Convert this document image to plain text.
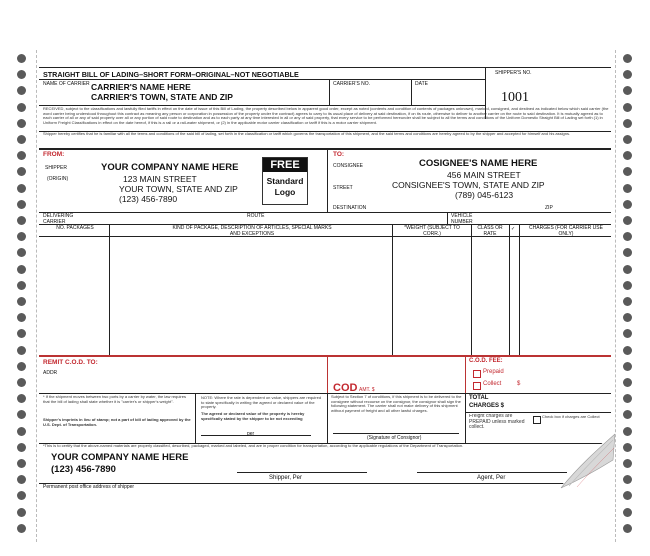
STRAIGHT BILL OF LADING–SHORT FORM–ORIGINAL–NOT NEGOTIABLE	SHIPPER'S NO.
1001
NAME OF CARRIER CARRIER'S NAME HERE
CARRIER'S TOWN, STATE AND ZIP
CARRIER'S NO.	DATE
RECEIVED, subject to the classifications and lawfully filed tariffs in effect on the date of issue of this Bill of Lading, the property described below in apparent good order, except as noted (contents and condition of contents of packages unknown), marked, consigned, and destined as indicated below which said carrier (the word carrier being understood throughout this contract as meaning any person or corporation in possession of the property under the contract) agrees to carry to its usual place of delivery at said destination, if on its route, otherwise to deliver to another carrier on the route to said destination. It is mutually agreed as to each carrier of all or any of said property over all or any portion of said route to destination and as to each party at any time interested in all or any of said property, that every service to be performed hereunder shall be subject to all the terms and conditions of the Uniform Domestic Straight Bill of Lading set forth (1) in Uniform Freight Classifications in effect on the date hereof, if this is a rail or a rail-water shipment, or (2) in the applicable motor carrier classification or tariff if this is a motor carrier shipment.
Shipper hereby certifies that he is familiar with all the terms and conditions of the said bill of lading, set forth in the classification or tariff which governs the transportation of this shipment, and the said terms and conditions are hereby agreed to by the shipper and accepted for himself and his assigns.
FROM:
SHIPPER
(ORIGIN)
YOUR COMPANY NAME HERE
123 MAIN STREET
YOUR TOWN, STATE AND ZIP
(123) 456-7890
FREE
Standard
Logo
TO:
CONSIGNEE
STREET
DESTINATION	ZIP
COSIGNEE'S NAME HERE
456 MAIN STREET
CONSIGNEE'S TOWN, STATE AND ZIP
(789) 045-6123
DELIVERING CARRIER
ROUTE	VEHICLE NUMBER
NO. PACKAGES	KIND OF PACKAGE, DESCRIPTION OF ARTICLES, SPECIAL MARKS AND EXCEPTIONS
*WEIGHT (SUBJECT TO CORR.)
CLASS OR RATE
✓	CHARGES (FOR CARRIER USE ONLY)
REMIT C.O.D. TO:
ADDR
COD AMT. $
C.O.D. FEE:
Prepaid
Collect	$
* If the shipment moves between two ports by a carrier by water, the law requires that the bill of lading shall state whether it is "carrier's or shipper's weight".
Shipper's imprints in lieu of stamp; not a part of bill of lading approved by the U.S. Dept. of Transportation.
NOTE: Where the rate is dependent on value, shippers are required to state specifically in writing the agreed or declared value of the property.
The agreed or declared value of the property is hereby specifically stated by the shipper to be not exceeding
per
Subject to Section 7 of conditions, if this shipment is to be delivered to the consignee without recourse on the consignor, the consignor shall sign the following statement. The carrier shall not make delivery of this shipment without payment of freight and all other lawful charges.
(Signature of Consignor)
TOTAL
CHARGES $
Freight charges are PREPAID unless marked collect.
Check box if charges are Collect
*This is to certify that the above-named materials are properly classified, described, packaged, marked and labeled, and are in proper condition for transportation, according to the applicable regulations of the Department of Transportation.
YOUR COMPANY NAME HERE
(123) 456-7890
Shipper, Per	Agent, Per
Permanent post office address of shipper
